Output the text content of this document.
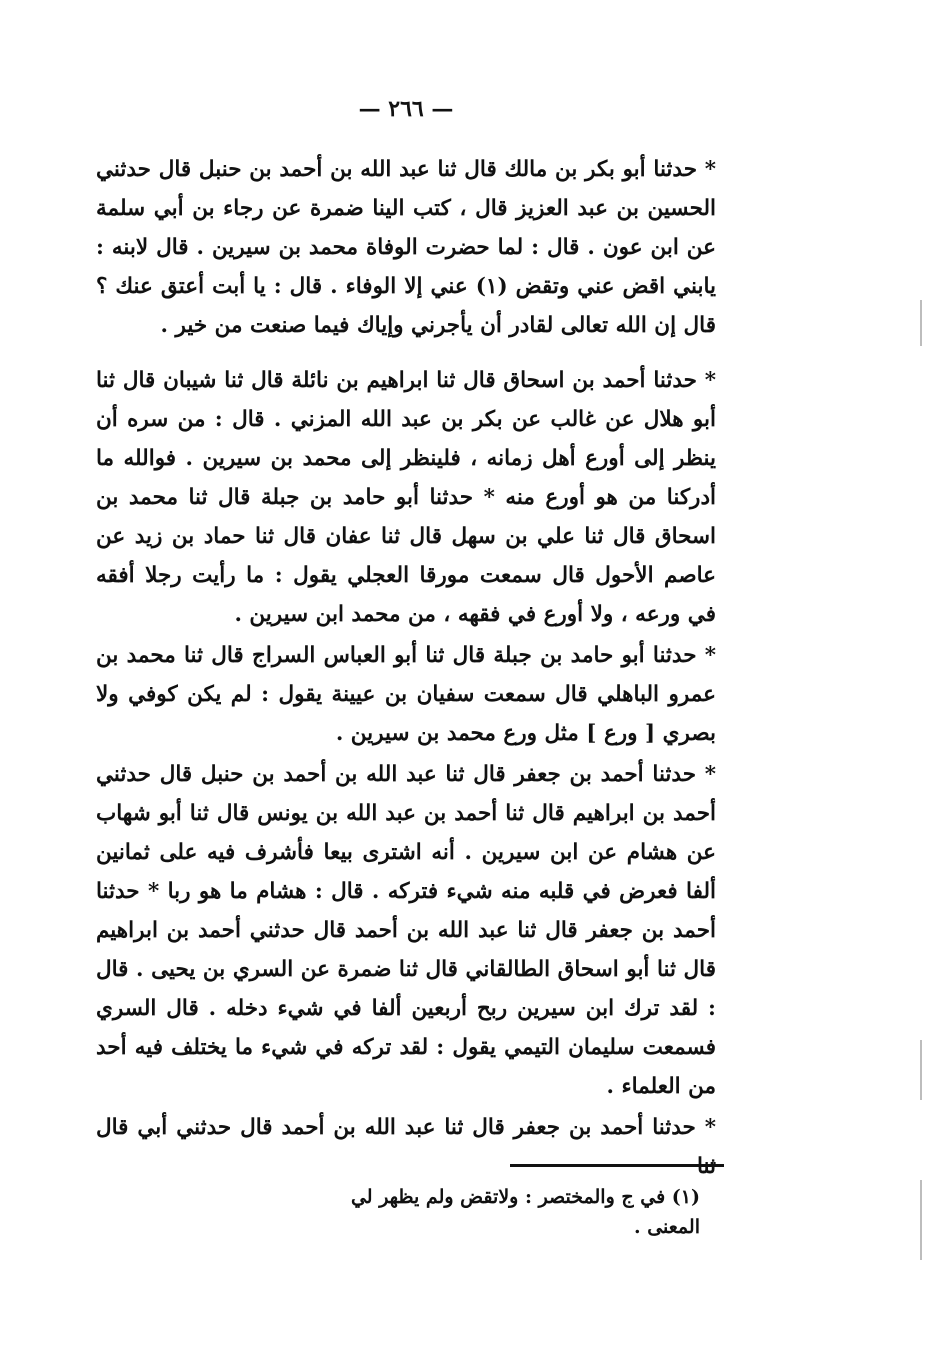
— ٢٦٦ —

* حدثنا أبو بكر بن مالك قال ثنا عبد الله بن أحمد بن حنبل قال حدثني الحسين بن عبد العزيز قال ، كتب الينا ضمرة عن رجاء بن أبي سلمة عن ابن عون . قال : لما حضرت الوفاة محمد بن سيرين . قال لابنه : يابني اقض عني وتقض (١) عني إلا الوفاء . قال : يا أبت أعتق عنك ؟ قال إن الله تعالى لقادر أن يأجرني وإياك فيما صنعت من خير .

* حدثنا أحمد بن اسحاق قال ثنا ابراهيم بن نائلة قال ثنا شيبان قال ثنا أبو هلال عن غالب عن بكر بن عبد الله المزني . قال : من سره أن ينظر إلى أورع أهل زمانه ، فلينظر إلى محمد بن سيرين . فوالله ما أدركنا من هو أورع منه * حدثنا أبو حامد بن جبلة قال ثنا محمد بن اسحاق قال ثنا علي بن سهل قال ثنا عفان قال ثنا حماد بن زيد عن عاصم الأحول قال سمعت مورقا العجلي يقول : ما رأيت رجلا أفقه في ورعه ، ولا أورع في فقهه ، من محمد ابن سيرين .

* حدثنا أبو حامد بن جبلة قال ثنا أبو العباس السراج قال ثنا محمد بن عمرو الباهلي قال سمعت سفيان بن عيينة يقول : لم يكن كوفي ولا بصري [ ورع ] مثل ورع محمد بن سيرين .

* حدثنا أحمد بن جعفر قال ثنا عبد الله بن أحمد بن حنبل قال حدثني أحمد بن ابراهيم قال ثنا أحمد بن عبد الله بن يونس قال ثنا أبو شهاب عن هشام عن ابن سيرين . أنه اشترى بيعا فأشرف فيه على ثمانين ألفا فعرض في قلبه منه شيء فتركه . قال : هشام ما هو ربا * حدثنا أحمد بن جعفر قال ثنا عبد الله بن أحمد قال حدثني أحمد بن ابراهيم قال ثنا أبو اسحاق الطالقاني قال ثنا ضمرة عن السري بن يحيى . قال : لقد ترك ابن سيرين ربح أربعين ألفا في شيء دخله . قال السري فسمعت سليمان التيمي يقول : لقد تركه في شيء ما يختلف فيه أحد من العلماء .

* حدثنا أحمد بن جعفر قال ثنا عبد الله بن أحمد قال حدثني أبي قال

(١) في ج والمختصر : ولاتقض ولم يظهر لي المعنى .
